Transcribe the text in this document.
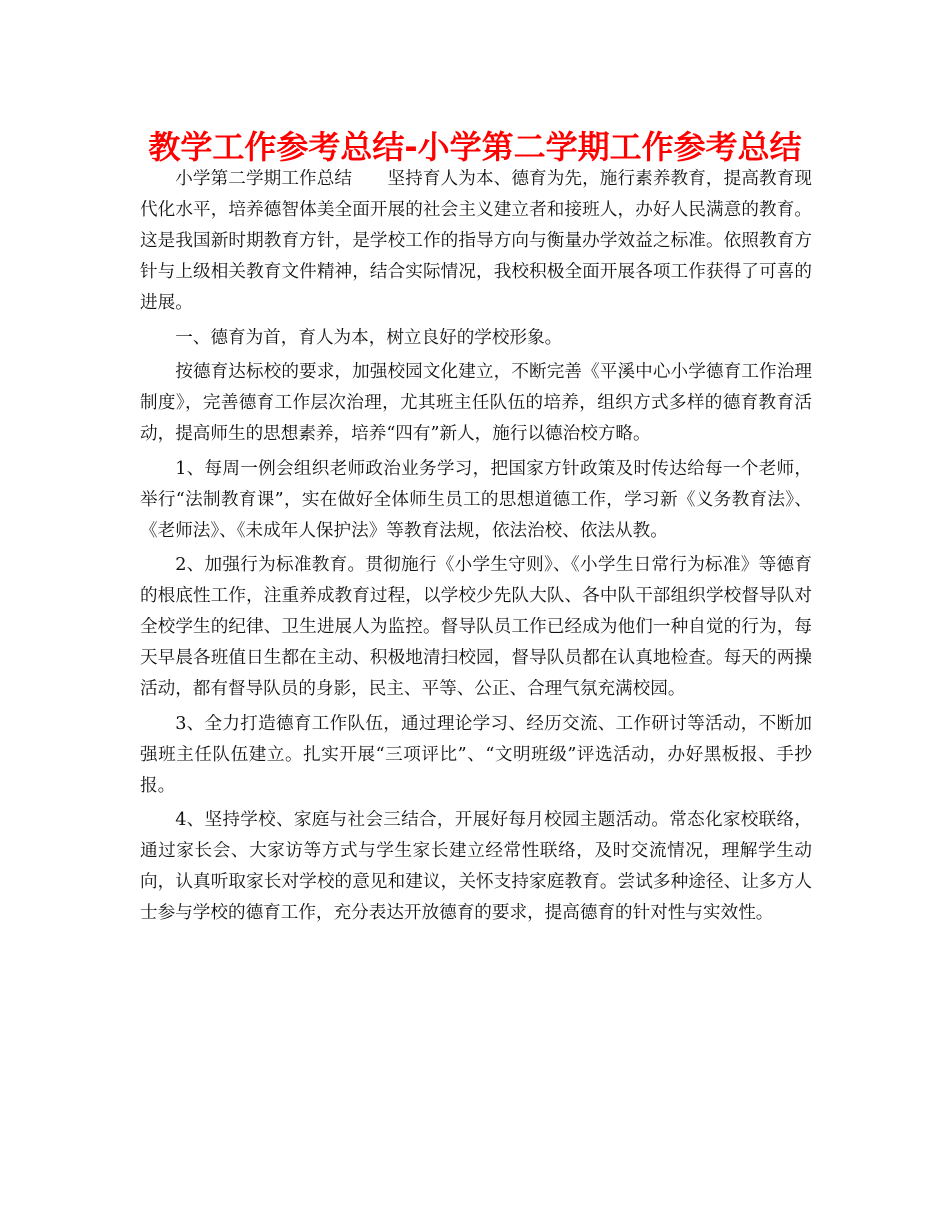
教学工作参考总结-小学第二学期工作参考总结

小学第二学期工作总结　　坚持育人为本、德育为先，施行素养教育，提高教育现代化水平，培养德智体美全面开展的社会主义建立者和接班人，办好人民满意的教育。这是我国新时期教育方针，是学校工作的指导方向与衡量办学效益之标准。依照教育方针与上级相关教育文件精神，结合实际情况，我校积极全面开展各项工作获得了可喜的进展。

一、德育为首，育人为本，树立良好的学校形象。

按德育达标校的要求，加强校园文化建立，不断完善《平溪中心小学德育工作治理制度》，完善德育工作层次治理，尤其班主任队伍的培养，组织方式多样的德育教育活动，提高师生的思想素养，培养“四有”新人，施行以德治校方略。

1、每周一例会组织老师政治业务学习，把国家方针政策及时传达给每一个老师，举行“法制教育课”，实在做好全体师生员工的思想道德工作，学习新《义务教育法》、《老师法》、《未成年人保护法》等教育法规，依法治校、依法从教。

2、加强行为标准教育。贯彻施行《小学生守则》、《小学生日常行为标准》等德育的根底性工作，注重养成教育过程，以学校少先队大队、各中队干部组织学校督导队对全校学生的纪律、卫生进展人为监控。督导队员工作已经成为他们一种自觉的行为，每天早晨各班值日生都在主动、积极地清扫校园，督导队员都在认真地检查。每天的两操活动，都有督导队员的身影，民主、平等、公正、合理气氛充满校园。

3、全力打造德育工作队伍，通过理论学习、经历交流、工作研讨等活动，不断加强班主任队伍建立。扎实开展“三项评比”、“文明班级”评选活动，办好黑板报、手抄报。

4、坚持学校、家庭与社会三结合，开展好每月校园主题活动。常态化家校联络，通过家长会、大家访等方式与学生家长建立经常性联络，及时交流情况，理解学生动向，认真听取家长对学校的意见和建议，关怀支持家庭教育。尝试多种途径、让多方人士参与学校的德育工作，充分表达开放德育的要求，提高德育的针对性与实效性。
